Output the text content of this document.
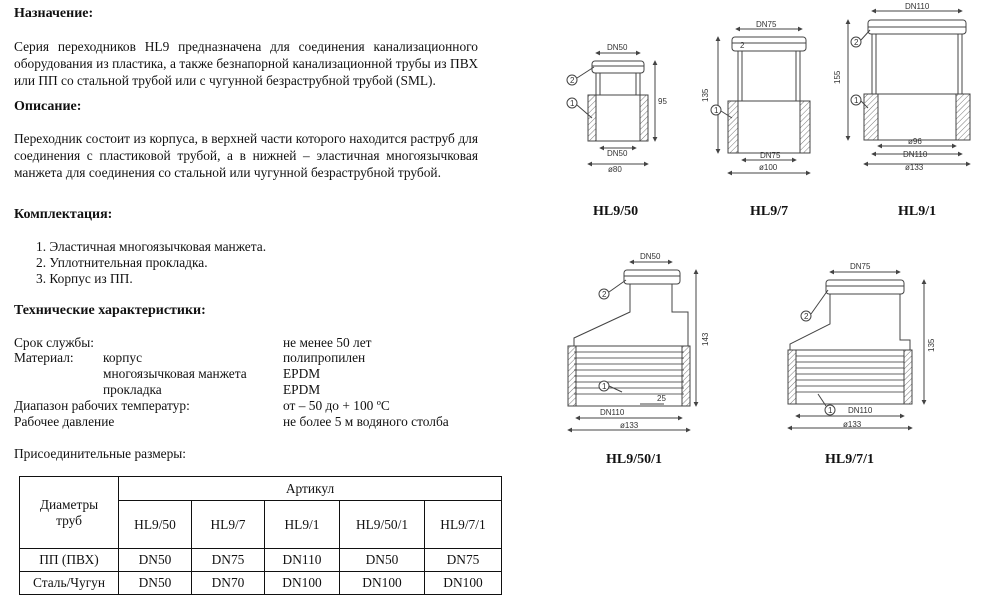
Назначение:
Серия переходников HL9 предназначена для соединения канализационного оборудования из пластика, а также безнапорной канализационной трубы из ПВХ или ПП со стальной трубой или с чугунной безраструбной трубой (SML).
Описание:
Переходник состоит из корпуса, в верхней части которого находится раструб для соединения с пластиковой трубой, а в нижней – эластичная многоязычковая манжета для соединения со стальной или чугунной безраструбной трубой.
Комплектация:
1. Эластичная многоязычковая манжета.
2. Уплотнительная прокладка.
3. Корпус из ПП.
Технические характеристики:
Срок службы:	не менее 50 лет
Материал: корпус	полипропилен
многоязычковая манжета	EPDM
прокладка	EPDM
Диапазон рабочих температур:	от – 50 до + 100 ºС
Рабочее давление	не более 5 м водяного столба
Присоединительные размеры:
Диаметры
труб	Артикул				
	HL9/50	HL9/7	HL9/1	HL9/50/1	HL9/7/1
ПП (ПВХ)	DN50	DN75	DN110	DN50	DN75
Сталь/Чугун	DN50	DN70	DN100	DN100	DN100
DN50
DN50
ø80
95
2
1
DN75
DN75
ø100
135
2
1
DN110
ø96
DN110
ø133
155
2
1
DN50
25
DN110
ø133
143
2
1
DN75
DN110
ø133
135
2
1
HL9/50	HL9/7	HL9/1
HL9/50/1	HL9/7/1
